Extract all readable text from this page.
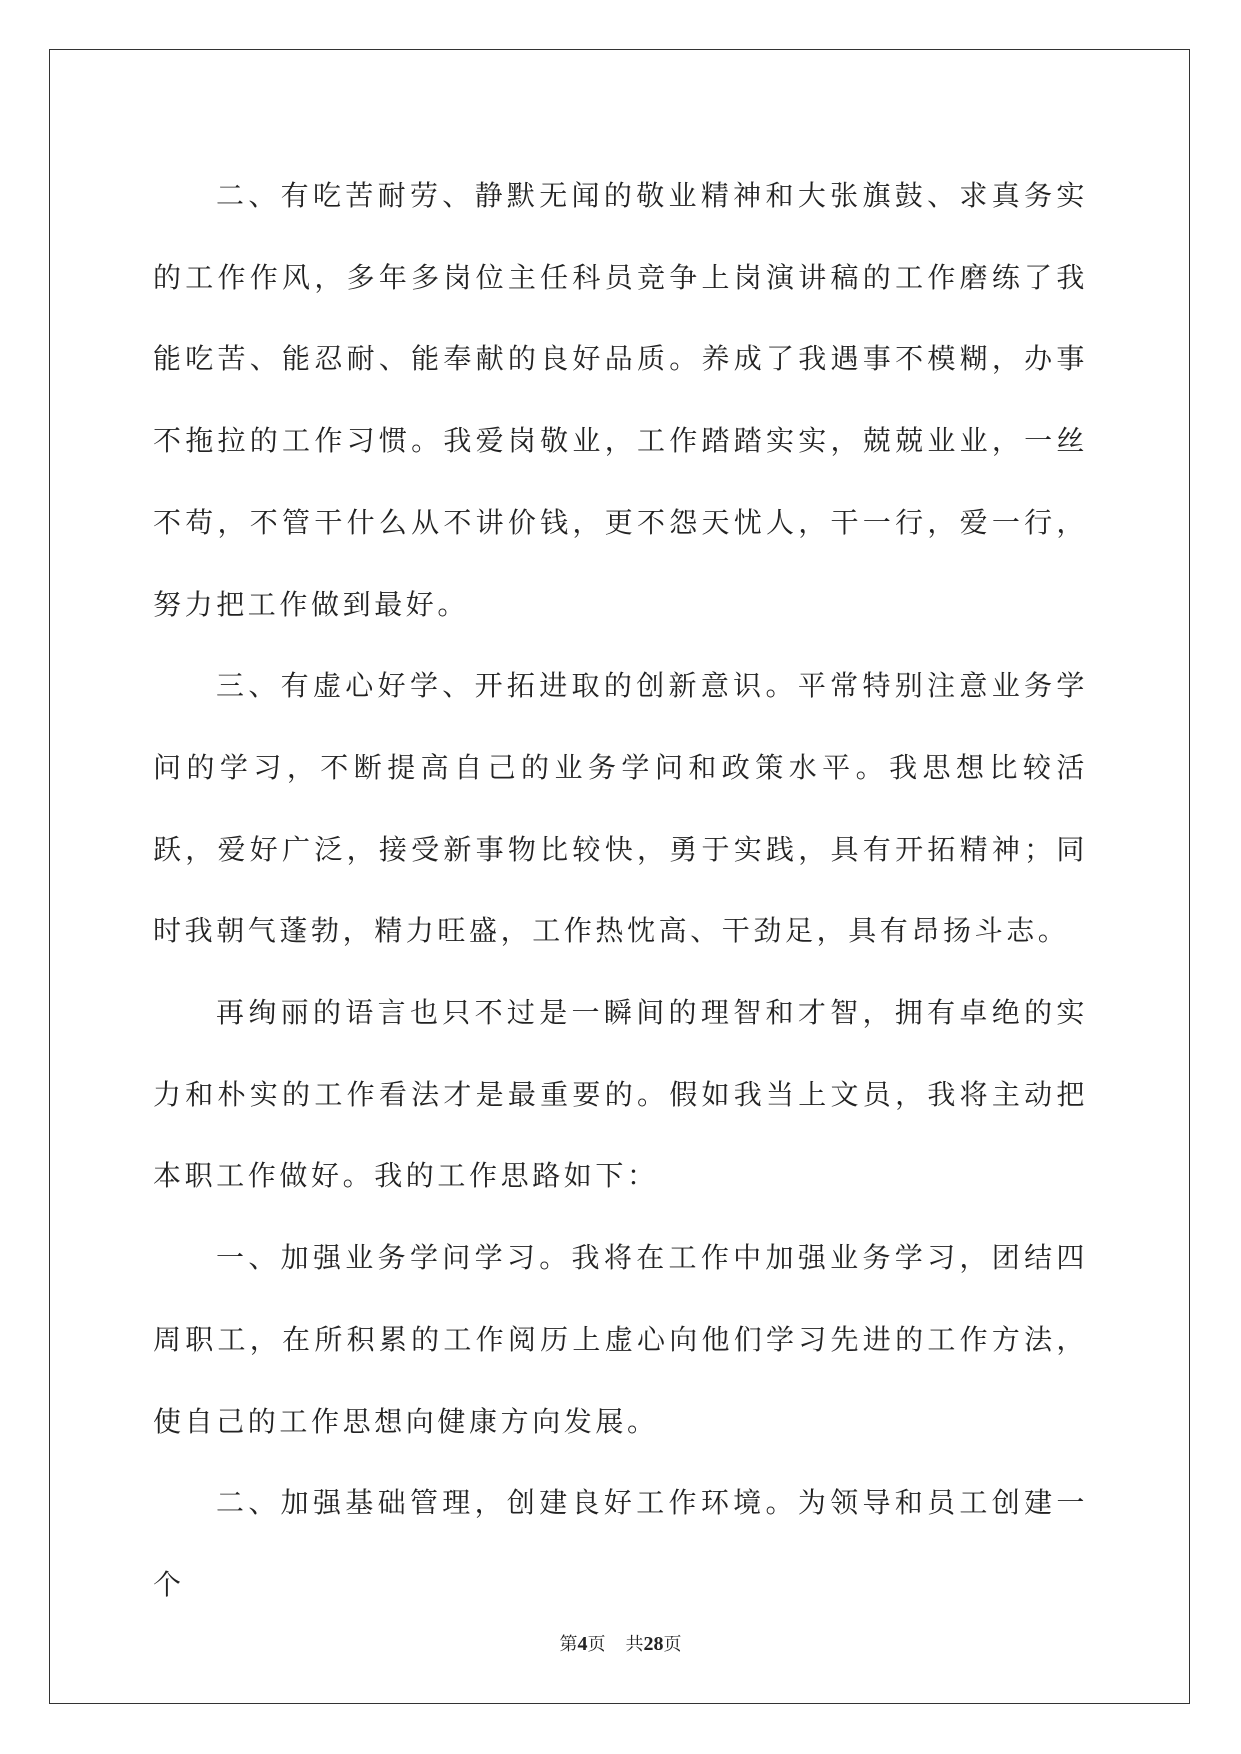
二、有吃苦耐劳、静默无闻的敬业精神和大张旗鼓、求真务实的工作作风，多年多岗位主任科员竞争上岗演讲稿的工作磨练了我能吃苦、能忍耐、能奉献的良好品质。养成了我遇事不模糊，办事不拖拉的工作习惯。我爱岗敬业，工作踏踏实实，兢兢业业，一丝不苟，不管干什么从不讲价钱，更不怨天忧人，干一行，爱一行，努力把工作做到最好。

三、有虚心好学、开拓进取的创新意识。平常特别注意业务学问的学习，不断提高自己的业务学问和政策水平。我思想比较活跃，爱好广泛，接受新事物比较快，勇于实践，具有开拓精神；同时我朝气蓬勃，精力旺盛，工作热忱高、干劲足，具有昂扬斗志。

再绚丽的语言也只不过是一瞬间的理智和才智，拥有卓绝的实力和朴实的工作看法才是最重要的。假如我当上文员，我将主动把本职工作做好。我的工作思路如下：

一、加强业务学问学习。我将在工作中加强业务学习，团结四周职工，在所积累的工作阅历上虚心向他们学习先进的工作方法，使自己的工作思想向健康方向发展。

二、加强基础管理，创建良好工作环境。为领导和员工创建一个

第4页 共28页
